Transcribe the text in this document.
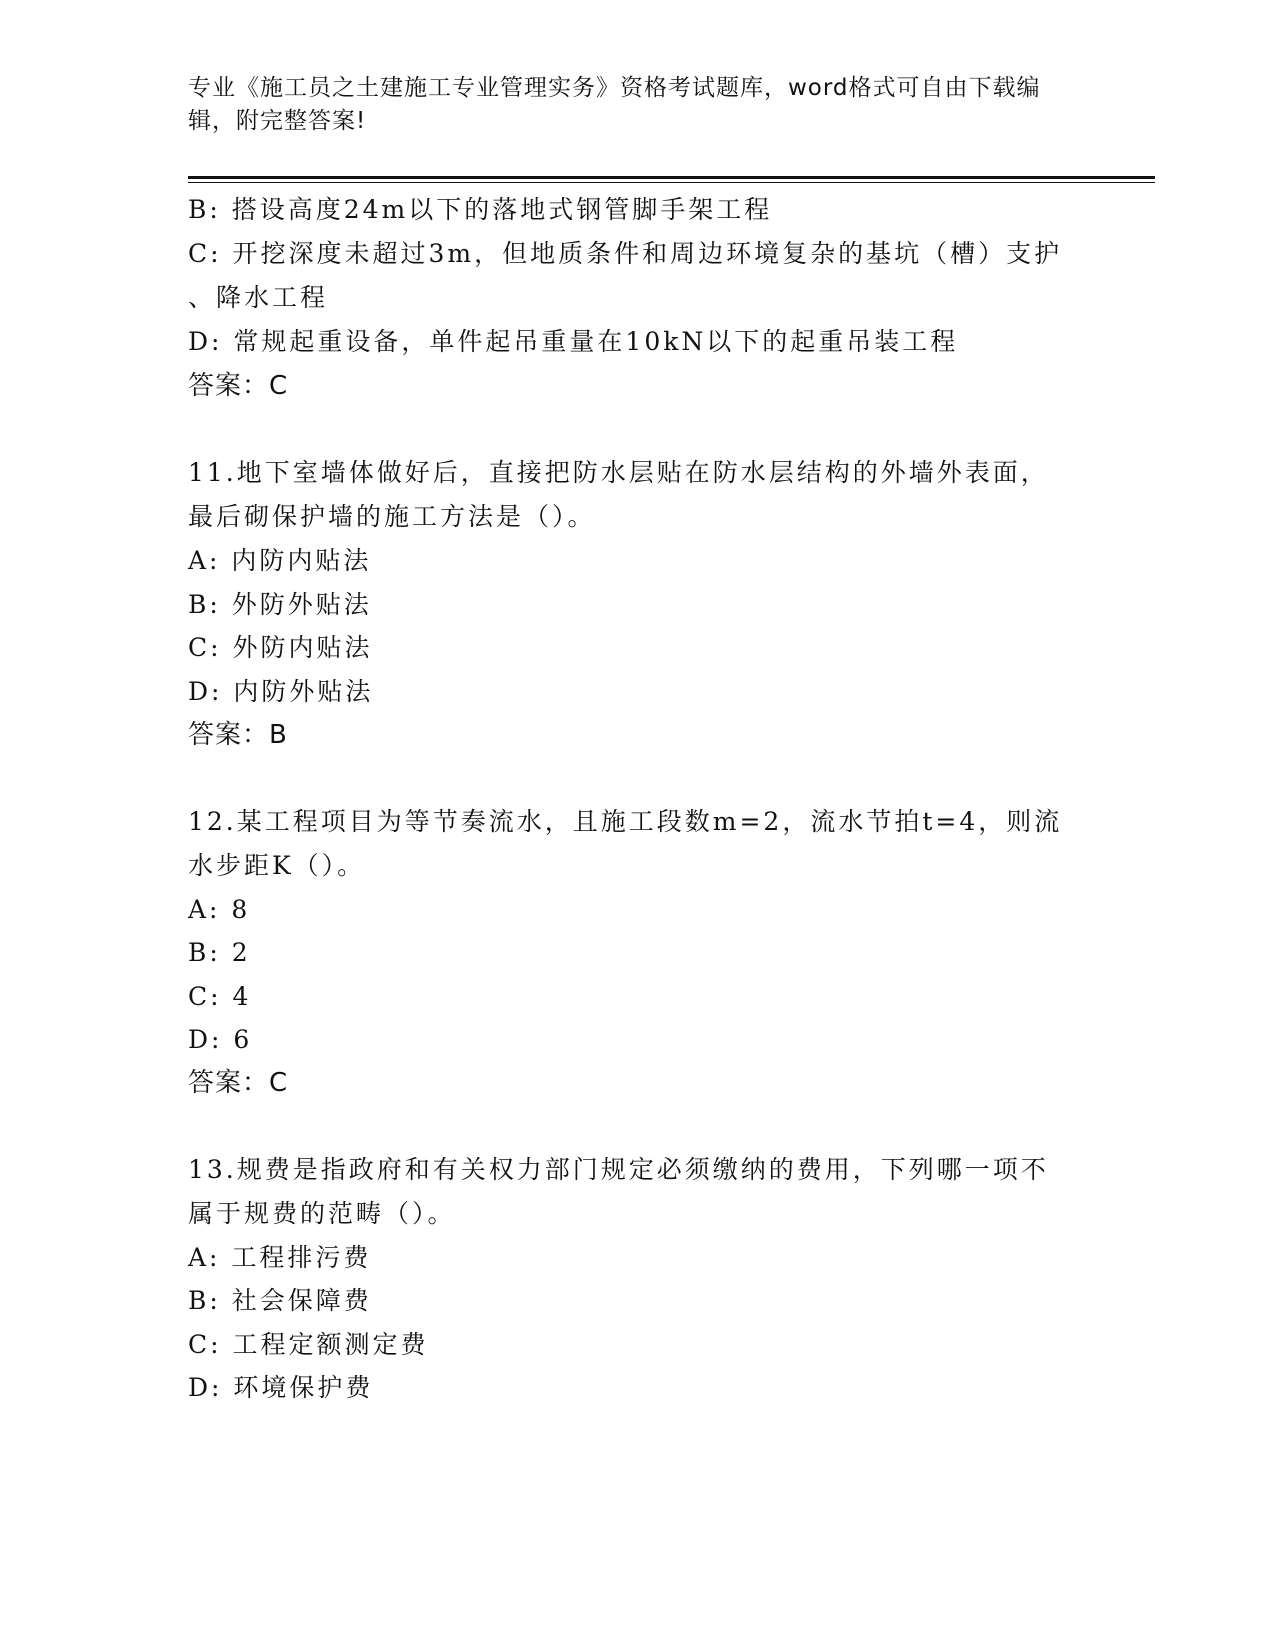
专业《施工员之土建施工专业管理实务》资格考试题库，word格式可自由下载编
辑，附完整答案!
B: 搭设高度24m以下的落地式钢管脚手架工程
C: 开挖深度未超过3m，但地质条件和周边环境复杂的基坑（槽）支护
、降水工程
D: 常规起重设备，单件起吊重量在10kN以下的起重吊装工程
答案：C
11.地下室墙体做好后，直接把防水层贴在防水层结构的外墙外表面，
最后砌保护墙的施工方法是（）。
A: 内防内贴法
B: 外防外贴法
C: 外防内贴法
D: 内防外贴法
答案：B
12.某工程项目为等节奏流水，且施工段数m=2，流水节拍t=4，则流
水步距K（）。
A: 8
B: 2
C: 4
D: 6
答案：C
13.规费是指政府和有关权力部门规定必须缴纳的费用，下列哪一项不
属于规费的范畴（）。
A: 工程排污费
B: 社会保障费
C: 工程定额测定费
D: 环境保护费
